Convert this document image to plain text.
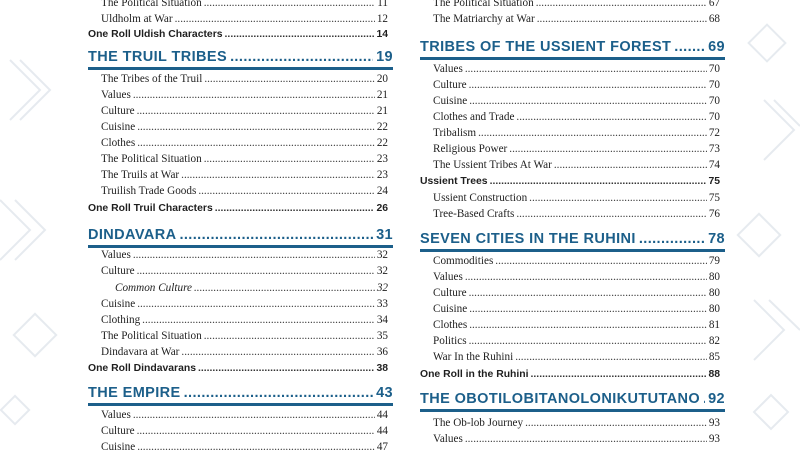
The Political Situation .....	11
Uldholm at War .....	12
One Roll Uldish Characters .....	14
THE TRUIL TRIBES .....	19
The Tribes of the Truil .....	20
Values .....	21
Culture .....	21
Cuisine .....	22
Clothes .....	22
The Political Situation .....	23
The Truils at War .....	23
Truilish Trade Goods .....	24
One Roll Truil Characters .....	26
DINDAVARA .....	31
Values .....	32
Culture .....	32
Common Culture .....	32
Cuisine .....	33
Clothing .....	34
The Political Situation .....	35
Dindavara at War .....	36
One Roll Dindavarans .....	38
THE EMPIRE .....	43
Values .....	44
Culture .....	44
Cuisine .....	47
The Political Situation .....	67
The Matriarchy at War .....	68
TRIBES OF THE USSIENT FOREST .....	69
Values .....	70
Culture .....	70
Cuisine .....	70
Clothes and Trade .....	70
Tribalism .....	72
Religious Power .....	73
The Ussient Tribes At War .....	74
Ussient Trees .....	75
Ussient Construction .....	75
Tree-Based Crafts .....	76
SEVEN CITIES IN THE RUHINI .....	78
Commodities .....	79
Values .....	80
Culture .....	80
Cuisine .....	80
Clothes .....	81
Politics .....	82
War In the Ruhini .....	85
One Roll in the Ruhini .....	88
THE OBOTILOBITANOLONIKUTUTANO ..... 92
The Ob-lob Journey .....	93
Values .....	93
